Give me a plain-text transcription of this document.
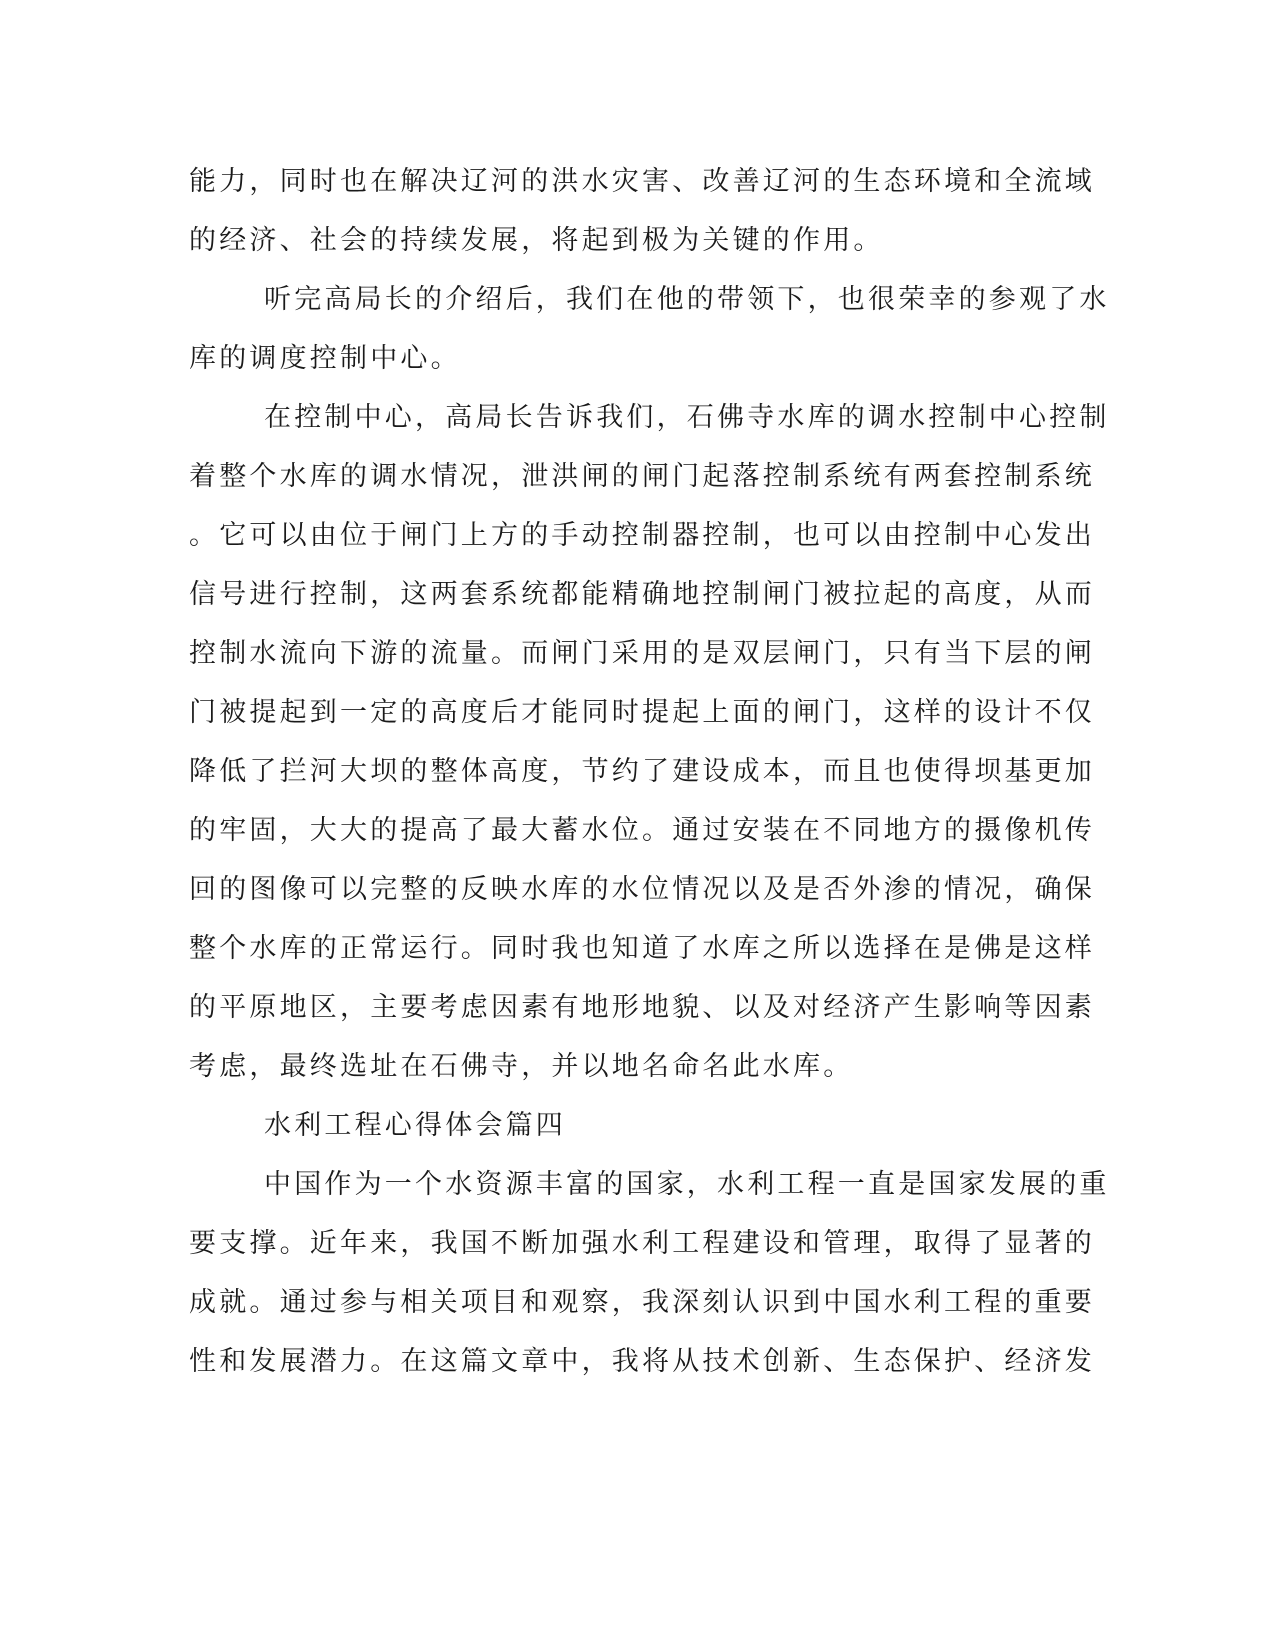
能力，同时也在解决辽河的洪水灾害、改善辽河的生态环境和全流域
的经济、社会的持续发展，将起到极为关键的作用。
听完高局长的介绍后，我们在他的带领下，也很荣幸的参观了水
库的调度控制中心。
在控制中心，高局长告诉我们，石佛寺水库的调水控制中心控制
着整个水库的调水情况，泄洪闸的闸门起落控制系统有两套控制系统
。它可以由位于闸门上方的手动控制器控制，也可以由控制中心发出
信号进行控制，这两套系统都能精确地控制闸门被拉起的高度，从而
控制水流向下游的流量。而闸门采用的是双层闸门，只有当下层的闸
门被提起到一定的高度后才能同时提起上面的闸门，这样的设计不仅
降低了拦河大坝的整体高度，节约了建设成本，而且也使得坝基更加
的牢固，大大的提高了最大蓄水位。通过安装在不同地方的摄像机传
回的图像可以完整的反映水库的水位情况以及是否外渗的情况，确保
整个水库的正常运行。同时我也知道了水库之所以选择在是佛是这样
的平原地区，主要考虑因素有地形地貌、以及对经济产生影响等因素
考虑，最终选址在石佛寺，并以地名命名此水库。
水利工程心得体会篇四
中国作为一个水资源丰富的国家，水利工程一直是国家发展的重
要支撑。近年来，我国不断加强水利工程建设和管理，取得了显著的
成就。通过参与相关项目和观察，我深刻认识到中国水利工程的重要
性和发展潜力。在这篇文章中，我将从技术创新、生态保护、经济发
